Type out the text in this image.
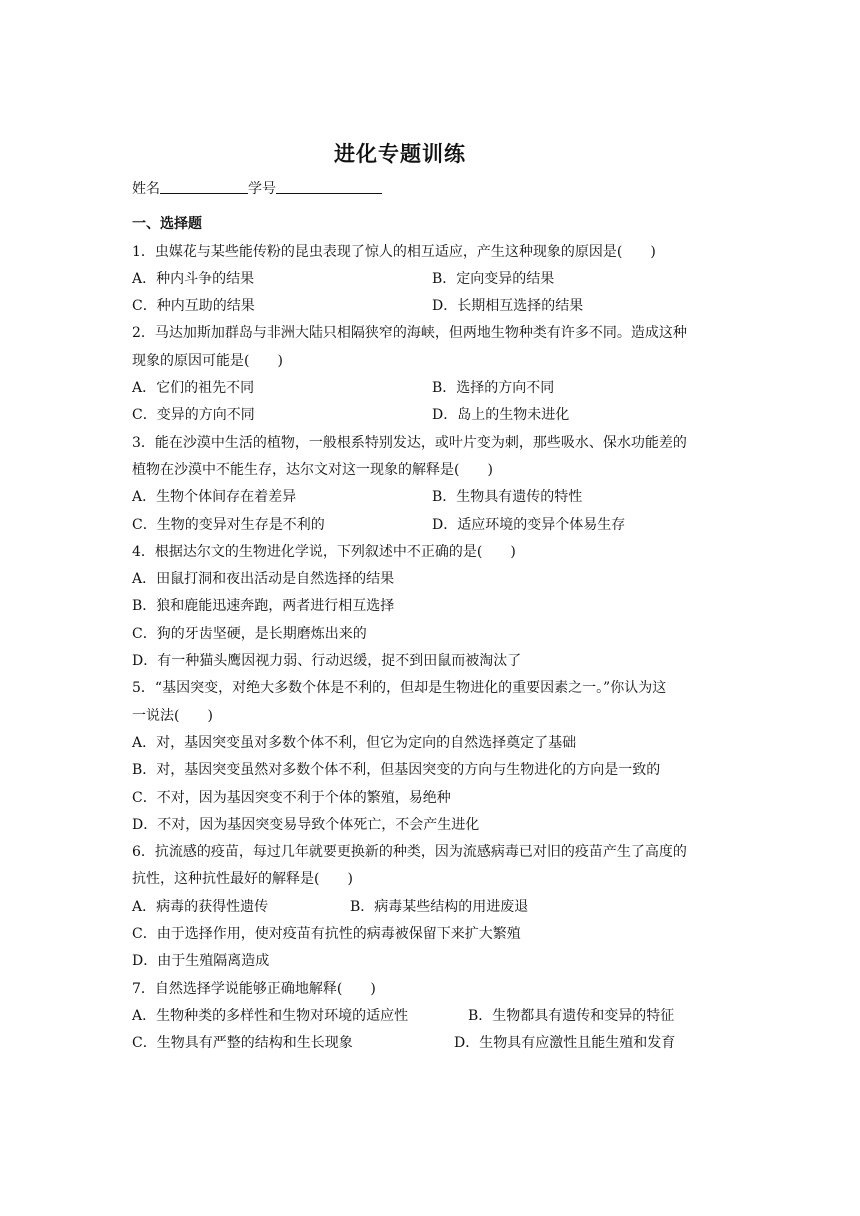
进化专题训练
姓名	学号
一、选择题
1．虫媒花与某些能传粉的昆虫表现了惊人的相互适应，产生这种现象的原因是(　　)
A．种内斗争的结果	B．定向变异的结果
C．种内互助的结果	D．长期相互选择的结果
2．马达加斯加群岛与非洲大陆只相隔狭窄的海峡，但两地生物种类有许多不同。造成这种
现象的原因可能是(　　)
A．它们的祖先不同	B．选择的方向不同
C．变异的方向不同	D．岛上的生物未进化
3．能在沙漠中生活的植物，一般根系特别发达，或叶片变为刺，那些吸水、保水功能差的
植物在沙漠中不能生存，达尔文对这一现象的解释是(　　)
A．生物个体间存在着差异	B．生物具有遗传的特性
C．生物的变异对生存是不利的	D．适应环境的变异个体易生存
4．根据达尔文的生物进化学说，下列叙述中不正确的是(　　)
A．田鼠打洞和夜出活动是自然选择的结果
B．狼和鹿能迅速奔跑，两者进行相互选择
C．狗的牙齿坚硬，是长期磨炼出来的
D．有一种猫头鹰因视力弱、行动迟缓，捉不到田鼠而被淘汰了
5．“基因突变，对绝大多数个体是不利的，但却是生物进化的重要因素之一。”你认为这
一说法(　　)
A．对，基因突变虽对多数个体不利，但它为定向的自然选择奠定了基础
B．对，基因突变虽然对多数个体不利，但基因突变的方向与生物进化的方向是一致的
C．不对，因为基因突变不利于个体的繁殖，易绝种
D．不对，因为基因突变易导致个体死亡，不会产生进化
6．抗流感的疫苗，每过几年就要更换新的种类，因为流感病毒已对旧的疫苗产生了高度的
抗性，这种抗性最好的解释是(　　)
A．病毒的获得性遗传	B．病毒某些结构的用进废退
C．由于选择作用，使对疫苗有抗性的病毒被保留下来扩大繁殖
D．由于生殖隔离造成
7．自然选择学说能够正确地解释(　　)
A．生物种类的多样性和生物对环境的适应性	B．生物都具有遗传和变异的特征
C．生物具有严整的结构和生长现象	D．生物具有应激性且能生殖和发育
